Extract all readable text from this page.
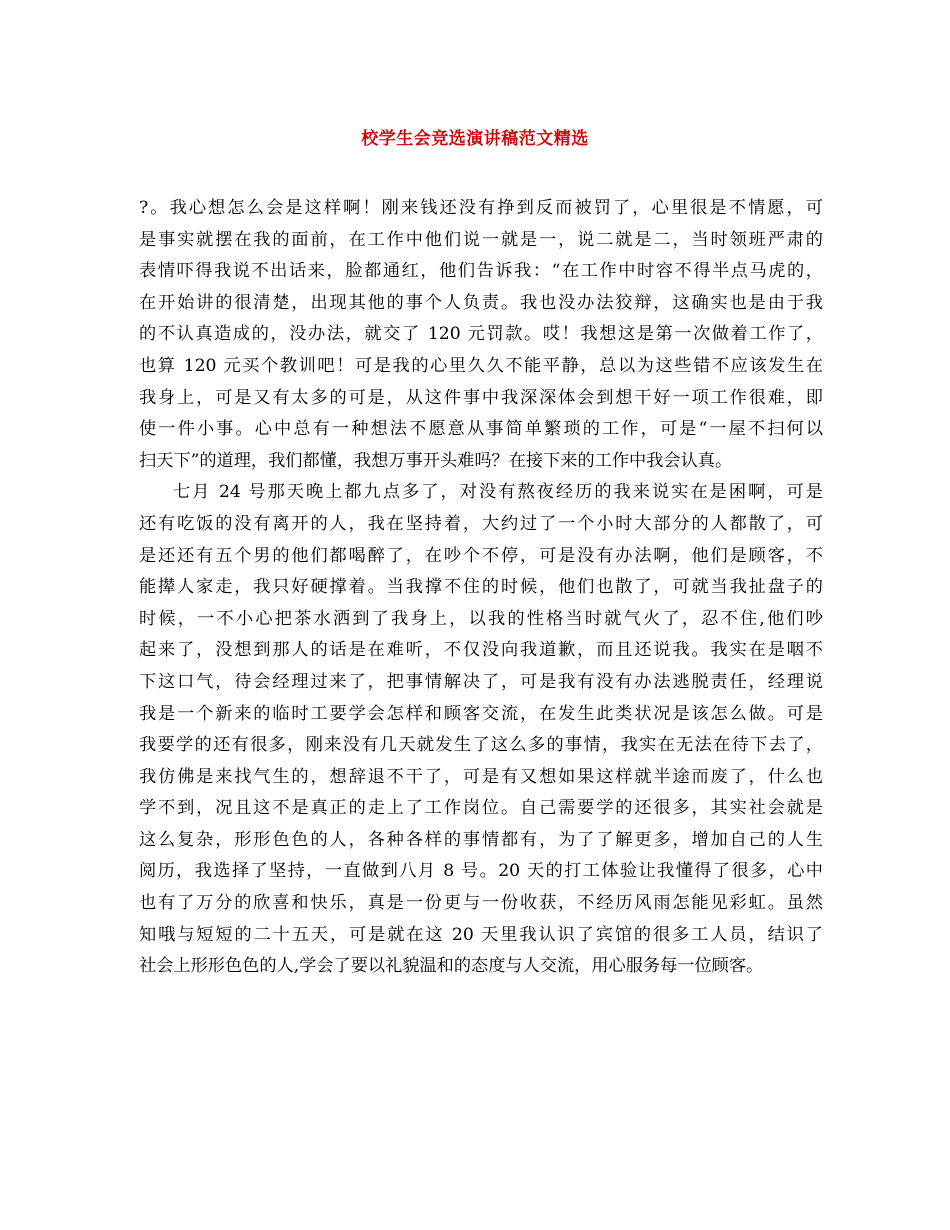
校学生会竞选演讲稿范文精选
?。我心想怎么会是这样啊！刚来钱还没有挣到反而被罚了，心里很是不情愿，可
是事实就摆在我的面前，在工作中他们说一就是一，说二就是二，当时领班严肃的
表情吓得我说不出话来，脸都通红，他们告诉我：“在工作中时容不得半点马虎的，
在开始讲的很清楚，出现其他的事个人负责。我也没办法狡辩，这确实也是由于我
的不认真造成的，没办法，就交了 120 元罚款。哎！我想这是第一次做着工作了，
也算 120 元买个教训吧！可是我的心里久久不能平静，总以为这些错不应该发生在
我身上，可是又有太多的可是，从这件事中我深深体会到想干好一项工作很难，即
使一件小事。心中总有一种想法不愿意从事简单繁琐的工作，可是“一屋不扫何以
扫天下”的道理，我们都懂，我想万事开头难吗？在接下来的工作中我会认真。
七月 24 号那天晚上都九点多了，对没有熬夜经历的我来说实在是困啊，可是
还有吃饭的没有离开的人，我在坚持着，大约过了一个小时大部分的人都散了，可
是还还有五个男的他们都喝醉了，在吵个不停，可是没有办法啊，他们是顾客，不
能撵人家走，我只好硬撑着。当我撑不住的时候，他们也散了，可就当我扯盘子的
时候，一不小心把茶水洒到了我身上，以我的性格当时就气火了，忍不住,他们吵
起来了，没想到那人的话是在难听，不仅没向我道歉，而且还说我。我实在是咽不
下这口气，待会经理过来了，把事情解决了，可是我有没有办法逃脱责任，经理说
我是一个新来的临时工要学会怎样和顾客交流，在发生此类状况是该怎么做。可是
我要学的还有很多，刚来没有几天就发生了这么多的事情，我实在无法在待下去了，
我仿佛是来找气生的，想辞退不干了，可是有又想如果这样就半途而废了，什么也
学不到，况且这不是真正的走上了工作岗位。自己需要学的还很多，其实社会就是
这么复杂，形形色色的人，各种各样的事情都有，为了了解更多，增加自己的人生
阅历，我选择了坚持，一直做到八月 8 号。20 天的打工体验让我懂得了很多，心中
也有了万分的欣喜和快乐，真是一份更与一份收获，不经历风雨怎能见彩虹。虽然
知哦与短短的二十五天，可是就在这 20 天里我认识了宾馆的很多工人员，结识了
社会上形形色色的人,学会了要以礼貌温和的态度与人交流，用心服务每一位顾客。
